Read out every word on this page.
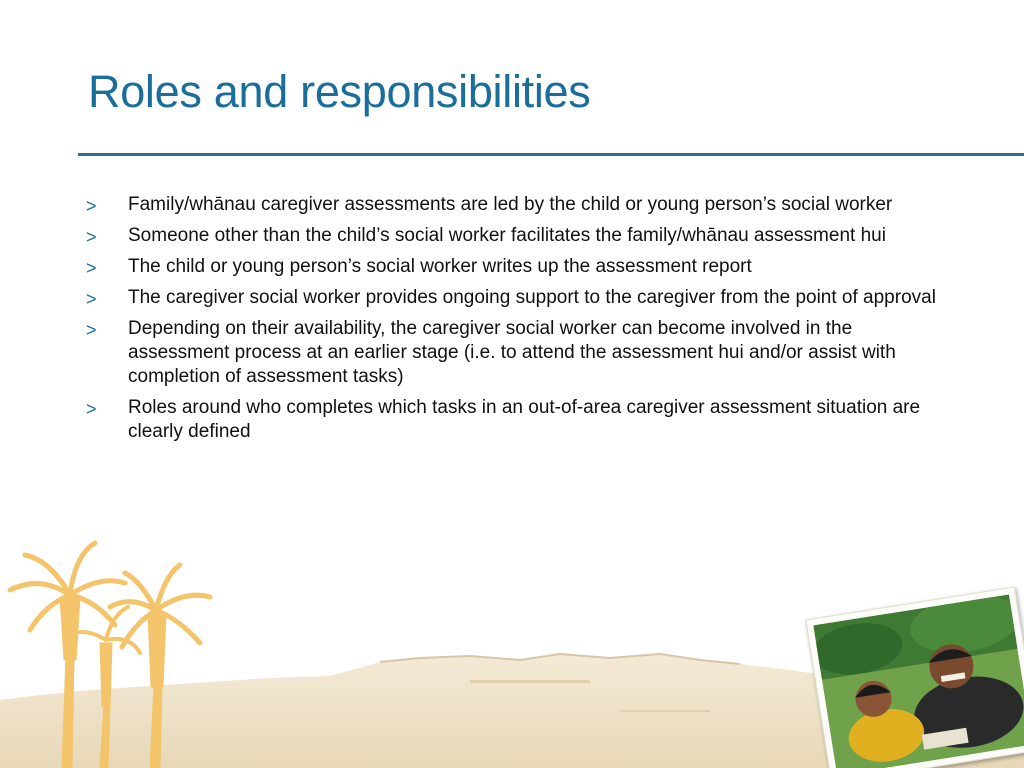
Roles and responsibilities
> Family/whānau caregiver assessments are led by the child or young person’s social worker
> Someone other than the child’s social worker facilitates the family/whānau assessment hui
> The child or young person’s social worker writes up the assessment report
> The caregiver social worker provides ongoing support to the caregiver from the point of approval
> Depending on their availability, the caregiver social worker can become involved in the assessment process at an earlier stage (i.e. to attend the assessment hui and/or assist with completion of assessment tasks)
> Roles around who completes which tasks in an out-of-area caregiver assessment situation are clearly defined
